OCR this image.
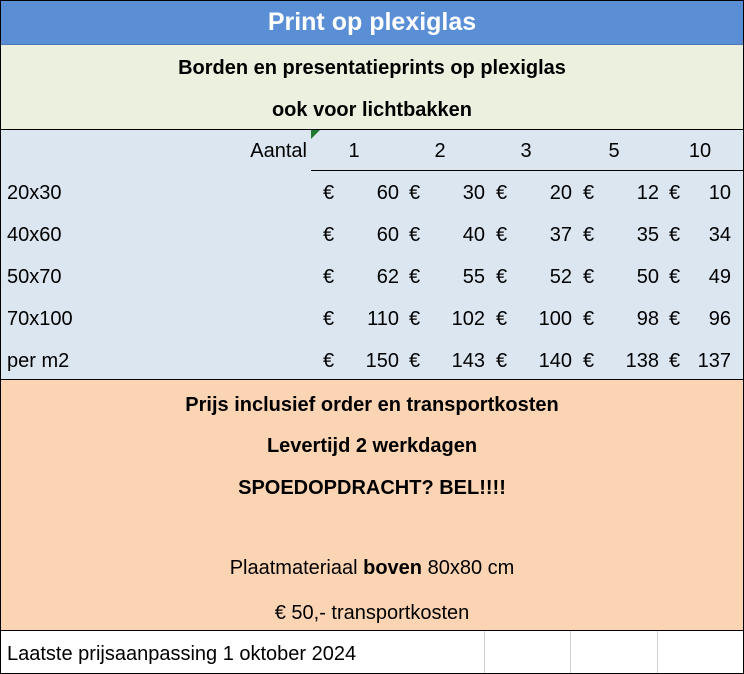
Print op plexiglas
Borden en presentatieprints op plexiglas
ook voor lichtbakken
Aantal	1	2	3	5	10
20x30	€ 60 € 30 € 20 € 12 € 10
40x60	€ 60 € 40 € 37 € 35 € 34
50x70	€ 62 € 55 € 52 € 50 € 49
70x100	€ 110 € 102 € 100 € 98 € 96
per m2	€ 150 € 143 € 140 € 138 € 137
Prijs inclusief order en transportkosten
Levertijd 2 werkdagen
SPOEDOPDRACHT? BEL!!!!
Plaatmateriaal boven 80x80 cm
€ 50,- transportkosten
Laatste prijsaanpassing 1 oktober 2024
